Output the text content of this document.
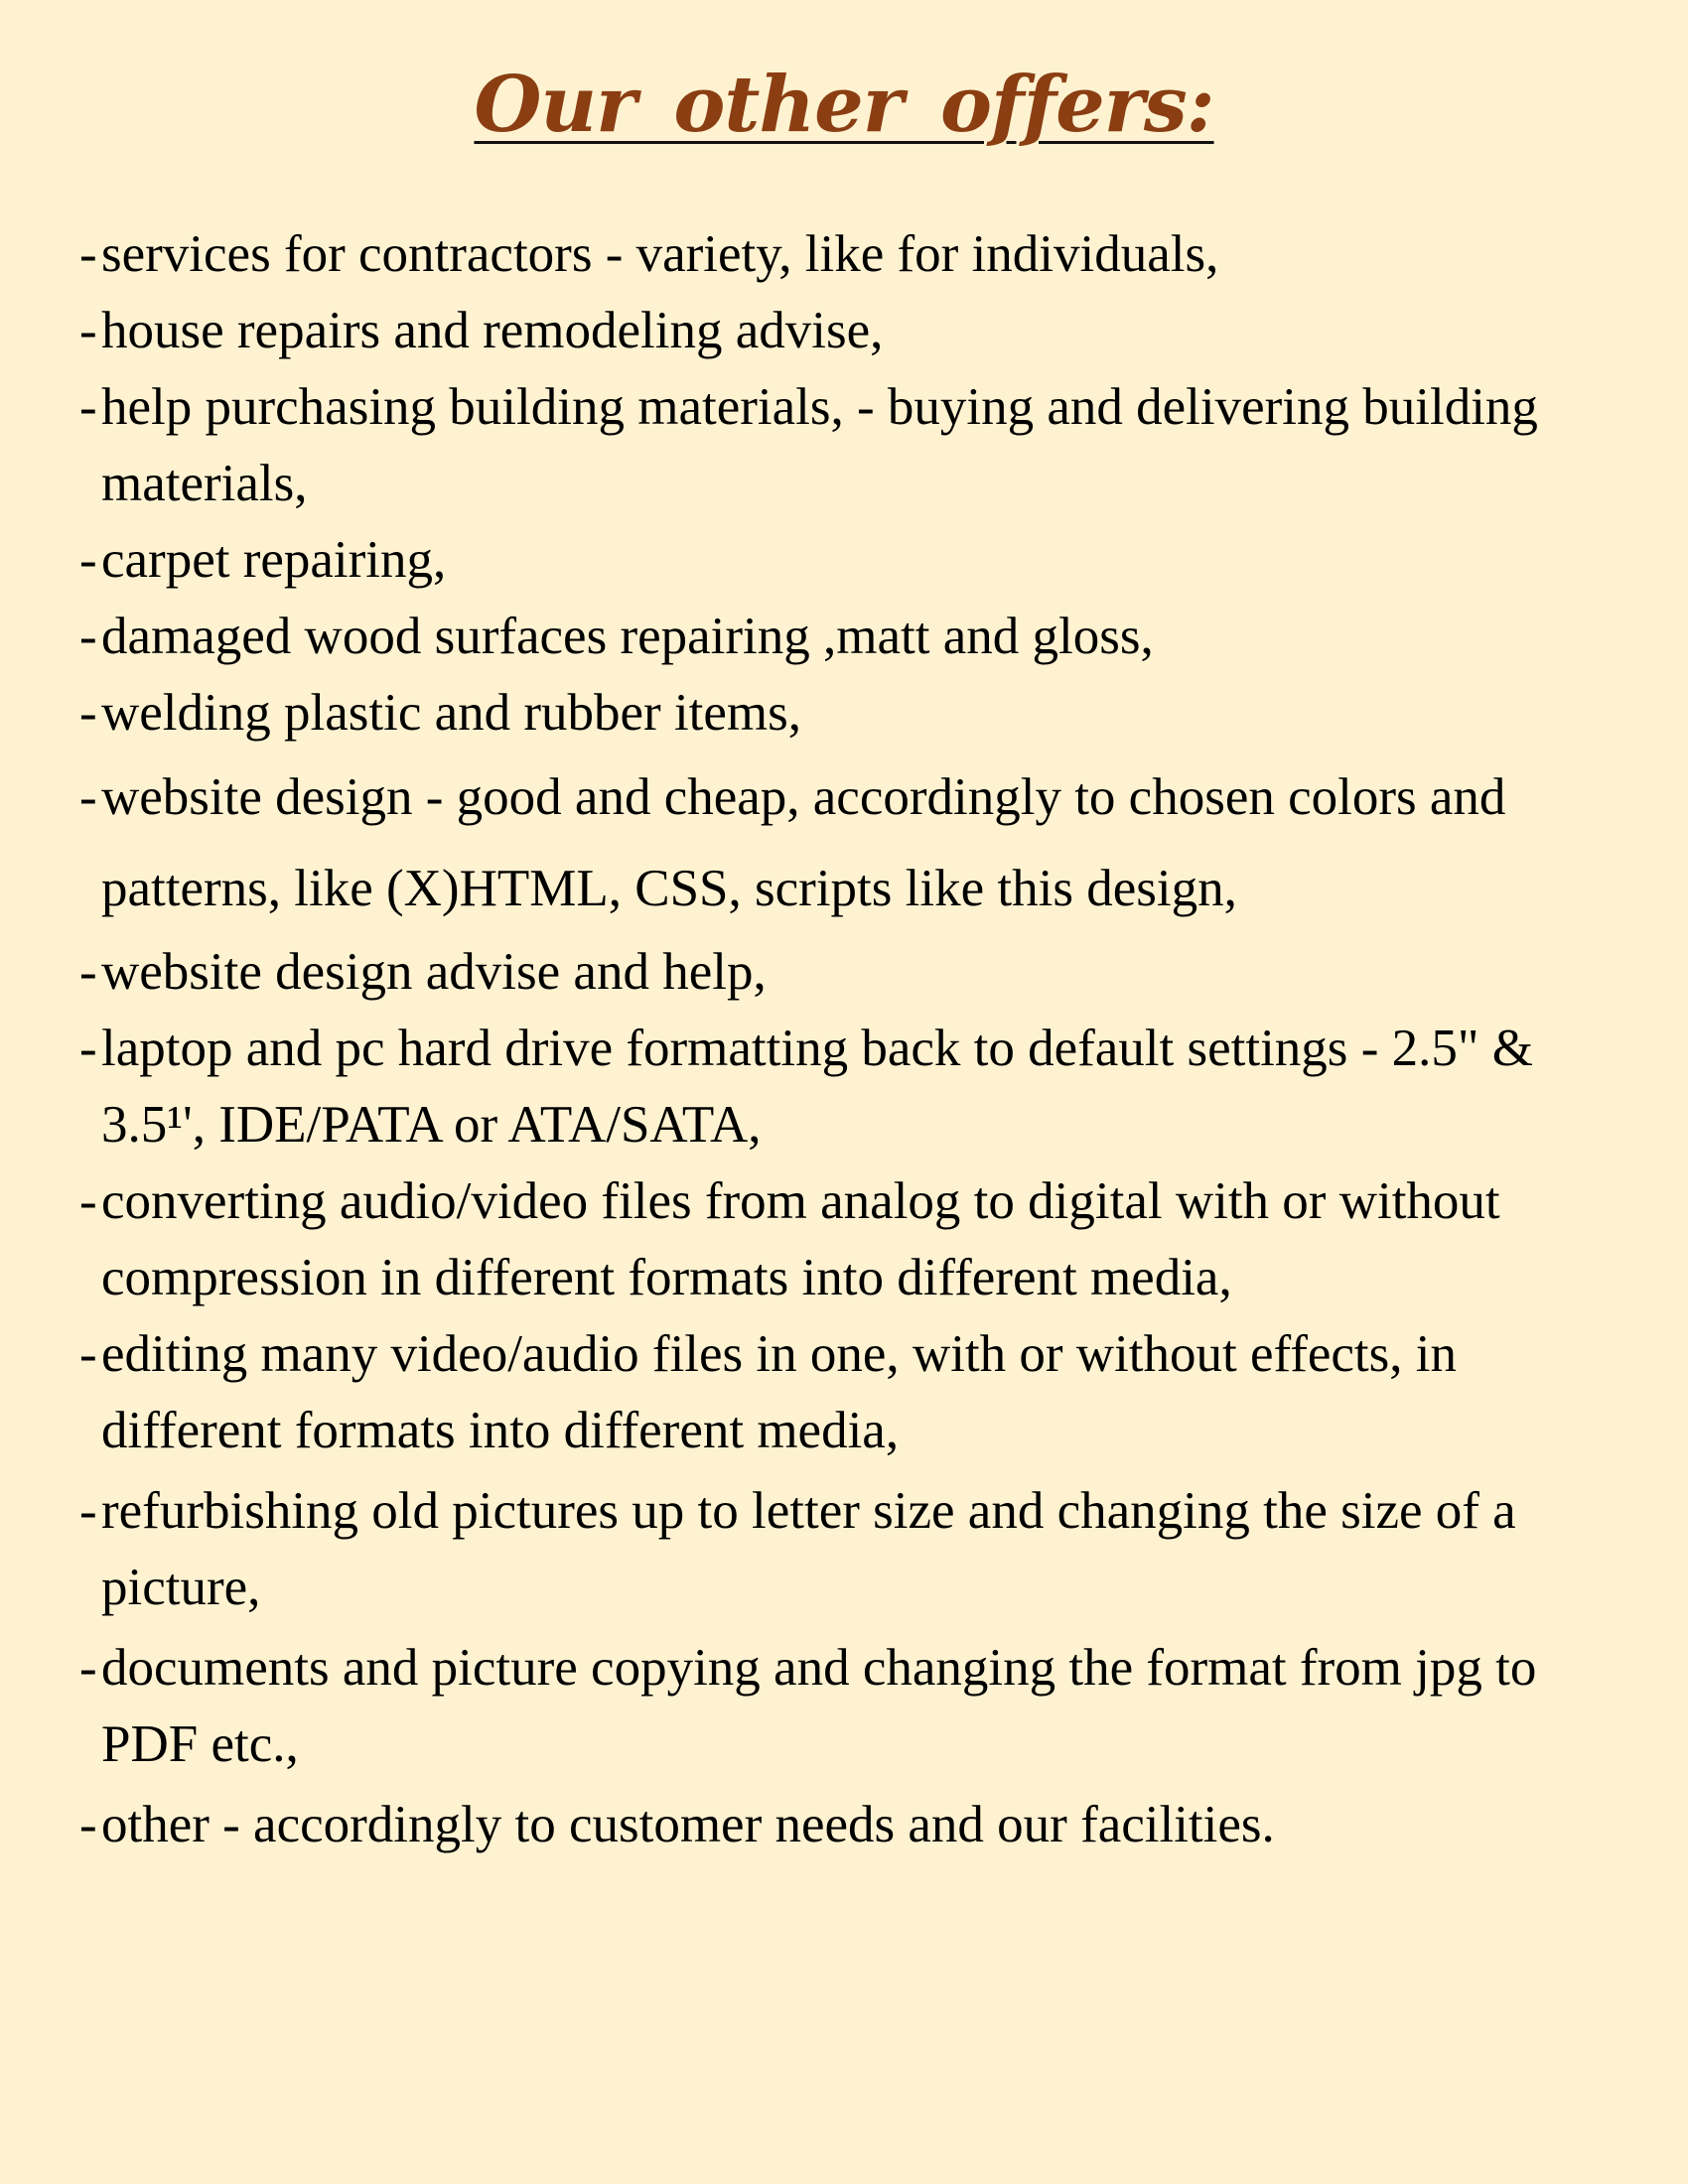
Our other offers:
- services for contractors - variety, like for individuals,
- house repairs and remodeling advise,
- help purchasing building materials, - buying and delivering building materials,
- carpet repairing,
- damaged wood surfaces repairing ,matt and gloss,
- welding plastic and rubber items,
- website design - good and cheap, accordingly to chosen colors and patterns, like (X)HTML, CSS, scripts like this design,
- website design advise and help,
- laptop and pc hard drive formatting back to default settings - 2.5" & 3.5¹', IDE/PATA or ATA/SATA,
- converting audio/video files from analog to digital with or without compression in different formats into different media,
- editing many video/audio files in one, with or without effects, in different formats into different media,
- refurbishing old pictures up to letter size and changing the size of a picture,
- documents and picture copying and changing the format from jpg to PDF etc.,
- other - accordingly to customer needs and our facilities.
